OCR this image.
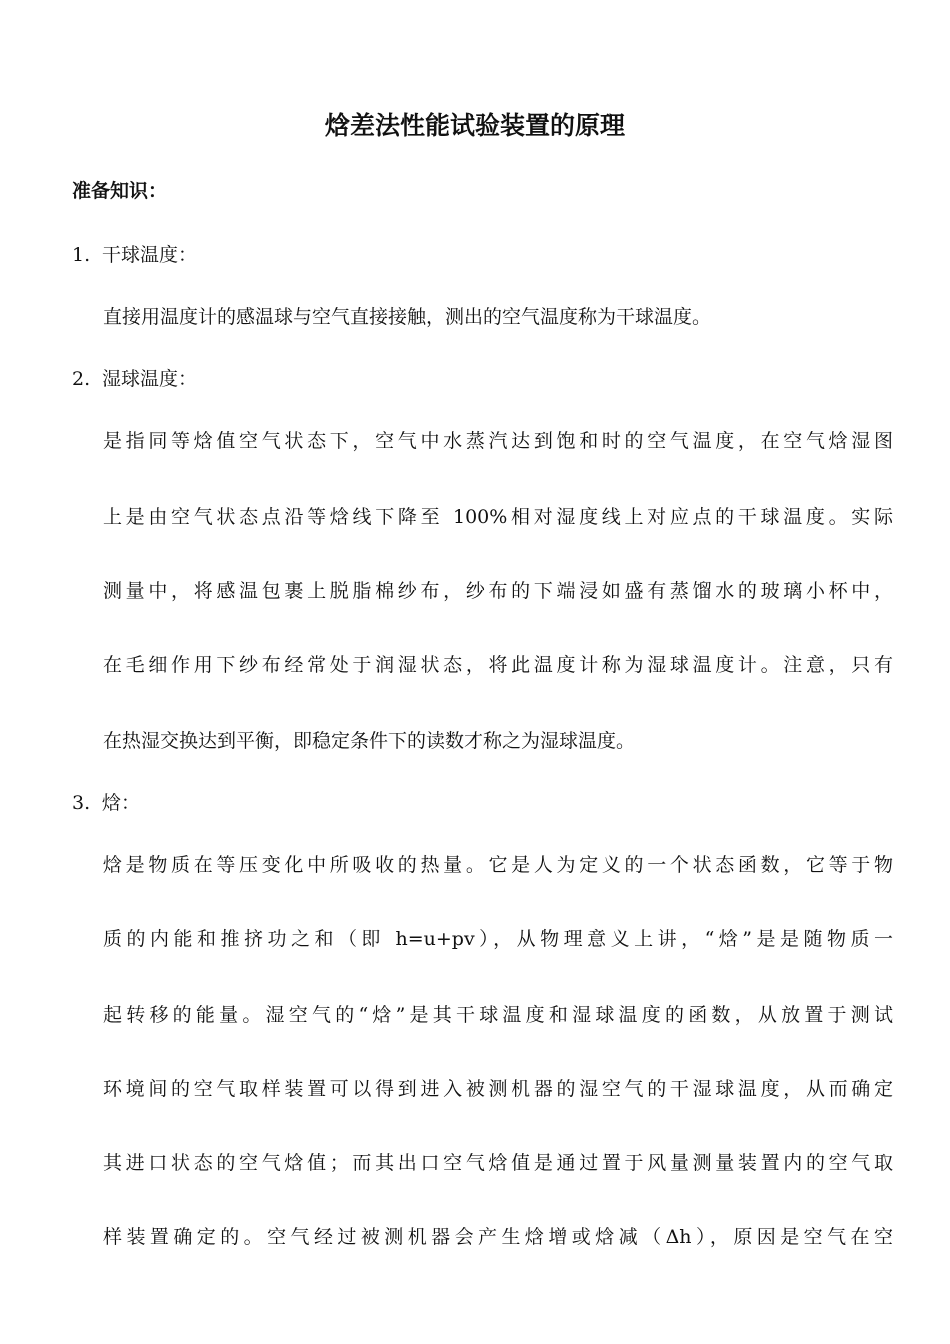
焓差法性能试验装置的原理
准备知识：
1. 干球温度：

直接用温度计的感温球与空气直接接触，测出的空气温度称为干球温度。

2. 湿球温度：

是指同等焓值空气状态下，空气中水蒸汽达到饱和时的空气温度，在空气焓湿图

上是由空气状态点沿等焓线下降至 100%相对湿度线上对应点的干球温度。实际

测量中，将感温包裹上脱脂棉纱布，纱布的下端浸如盛有蒸馏水的玻璃小杯中，

在毛细作用下纱布经常处于润湿状态，将此温度计称为湿球温度计。注意，只有

在热湿交换达到平衡，即稳定条件下的读数才称之为湿球温度。

3. 焓：

焓是物质在等压变化中所吸收的热量。它是人为定义的一个状态函数，它等于物

质的内能和推挤功之和（即 h=u+pv），从物理意义上讲，“焓”是是随物质一

起转移的能量。湿空气的“焓”是其干球温度和湿球温度的函数，从放置于测试

环境间的空气取样装置可以得到进入被测机器的湿空气的干湿球温度，从而确定

其进口状态的空气焓值；而其出口空气焓值是通过置于风量测量装置内的空气取

样装置确定的。空气经过被测机器会产生焓增或焓减（Δh），原因是空气在空
